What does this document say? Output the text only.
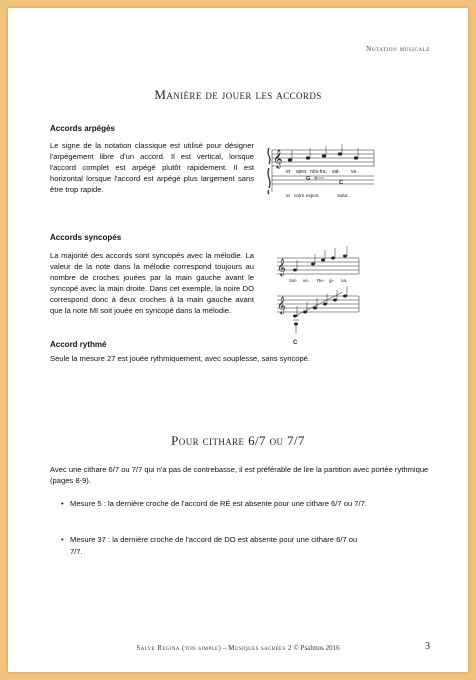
Notation musicale
Manière de jouer les accords
Accords arpégés
Le signe de la notation classique est utilisé pour désigner l'arpègement libre d'un accord. Il est vertical, lorsque l'accord complet est arpégé plutôt rapidement. Il est horizontal lorsque l'accord est arpégé plus largement sans être trop rapide.
𝄞
et spes nós-tra, sal- ve.
G
C
et notre espoir,	Salut.
Accords syncopés
La majorité des accords sont syncopés avec la mélodie. La valeur de la note dans la mélodie correspond toujours au nombre de croches jouées par la main gauche avant le syncopé avec la main droite. Dans cet exemple, la noire DO correspond donc à deux croches à la main gauche avant que la note MI soit jouée en syncopé dans la mélodie.
𝄞
Sal- ve, Re- gi- na,
𝄞
C
Accord rythmé
Seule la mesure 27 est jouée rythmiquement, avec souplesse, sans syncopé.
Pour cithare 6/7 ou 7/7
Avec une cithare 6/7 ou 7/7 qui n'a pas de contrebasse, il est préférable de lire la partition avec portée rythmique (pages 8-9).
• Mesure 5 : la dernière croche de l'accord de RÉ est absente pour une cithare 6/7 ou 7/7.
• Mesure 37 : la dernière croche de l'accord de DO est absente pour une cithare 6/7 ou 7/7.
Salve Regina (ton simple) – Musiques sacrées 2 © Psalmos 2016	3
